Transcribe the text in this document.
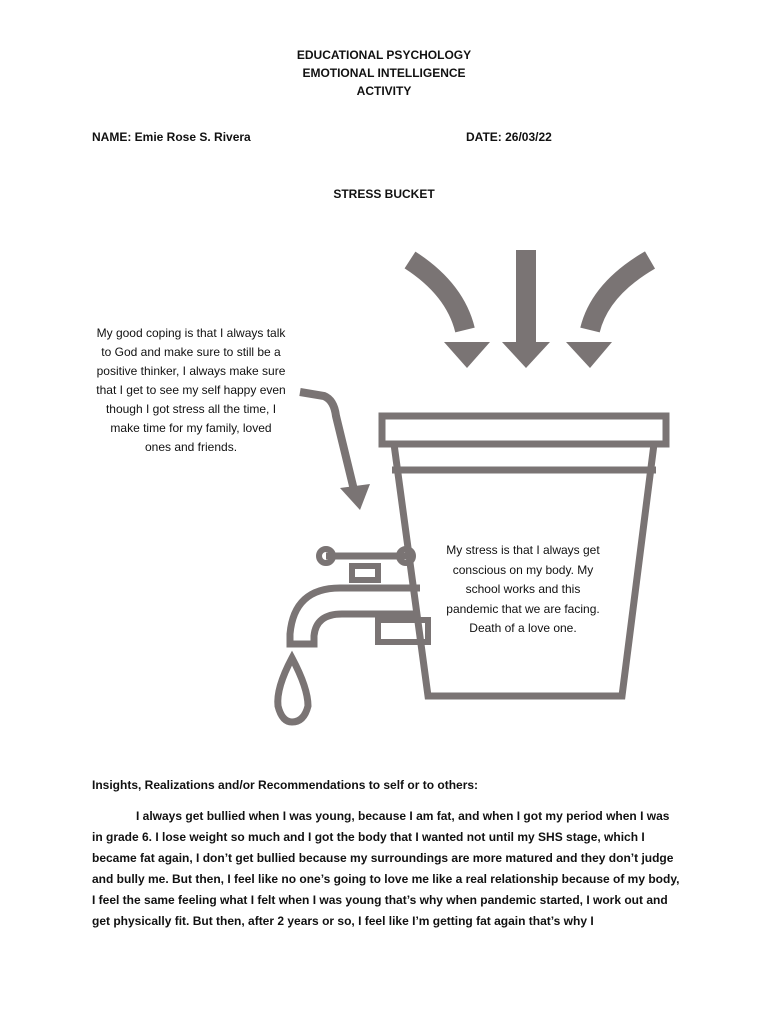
EDUCATIONAL PSYCHOLOGY
EMOTIONAL INTELLIGENCE
ACTIVITY
NAME: Emie Rose S. Rivera	DATE: 26/03/22
STRESS BUCKET
My good coping is that I always talk to God and make sure to still be a positive thinker, I always make sure that I get to see my self happy even though I got stress all the time, I make time for my family, loved ones and friends.
My stress is that I always get conscious on my body. My school works and this pandemic that we are facing. Death of a love one.
Insights, Realizations and/or Recommendations to self or to others:

I always get bullied when I was young, because I am fat, and when I got my period when I was in grade 6. I lose weight so much and I got the body that I wanted not until my SHS stage, which I became fat again, I don’t get bullied because my surroundings are more matured and they don’t judge and bully me. But then, I feel like no one’s going to love me like a real relationship because of my body, I feel the same feeling what I felt when I was young that’s why when pandemic started, I work out and get physically fit. But then, after 2 years or so, I feel like I’m getting fat again that’s why I
